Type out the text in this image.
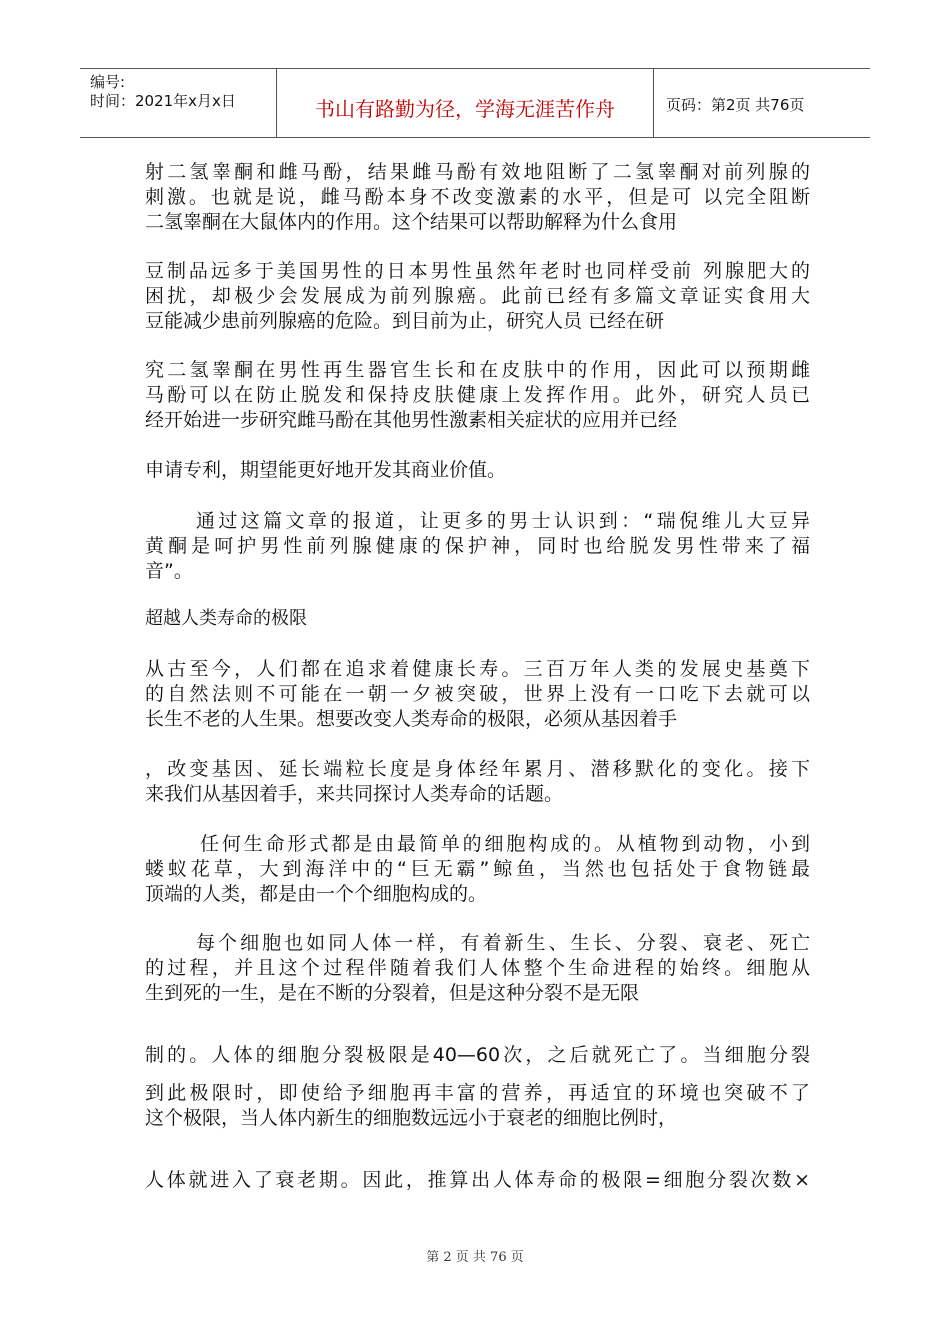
编号:
时间：2021年x月x日	书山有路勤为径，学海无涯苦作舟	页码：第2页 共76页
射二氢睾酮和雌马酚，结果雌马酚有效地阻断了二氢睾酮对前列腺的
刺激。也就是说，雌马酚本身不改变激素的水平，但是可 以完全阻断
二氢睾酮在大鼠体内的作用。这个结果可以帮助解释为什么食用
豆制品远多于美国男性的日本男性虽然年老时也同样受前 列腺肥大的
困扰，却极少会发展成为前列腺癌。此前已经有多篇文章证实食用大
豆能减少患前列腺癌的危险。到目前为止，研究人员 已经在研
究二氢睾酮在男性再生器官生长和在皮肤中的作用，因此可以预期雌
马酚可以在防止脱发和保持皮肤健康上发挥作用。此外，研究人员已
经开始进一步研究雌马酚在其他男性激素相关症状的应用并已经
申请专利，期望能更好地开发其商业价值。
通过这篇文章的报道，让更多的男士认识到：“瑞倪维儿大豆异
黄酮是呵护男性前列腺健康的保护神，同时也给脱发男性带来了福
音”。
超越人类寿命的极限
从古至今，人们都在追求着健康长寿。三百万年人类的发展史基奠下
的自然法则不可能在一朝一夕被突破，世界上没有一口吃下去就可以
长生不老的人生果。想要改变人类寿命的极限，必须从基因着手
，改变基因、延长端粒长度是身体经年累月、潜移默化的变化。接下
来我们从基因着手，来共同探讨人类寿命的话题。
任何生命形式都是由最简单的细胞构成的。从植物到动物，小到
蝼蚁花草，大到海洋中的“巨无霸”鲸鱼，当然也包括处于食物链最
顶端的人类，都是由一个个细胞构成的。
每个细胞也如同人体一样，有着新生、生长、分裂、衰老、死亡
的过程，并且这个过程伴随着我们人体整个生命进程的始终。细胞从
生到死的一生，是在不断的分裂着，但是这种分裂不是无限
制的。人体的细胞分裂极限是40—60次，之后就死亡了。当细胞分裂
到此极限时，即使给予细胞再丰富的营养，再适宜的环境也突破不了
这个极限，当人体内新生的细胞数远远小于衰老的细胞比例时，
人体就进入了衰老期。因此，推算出人体寿命的极限=细胞分裂次数×
第 2 页 共 76 页
